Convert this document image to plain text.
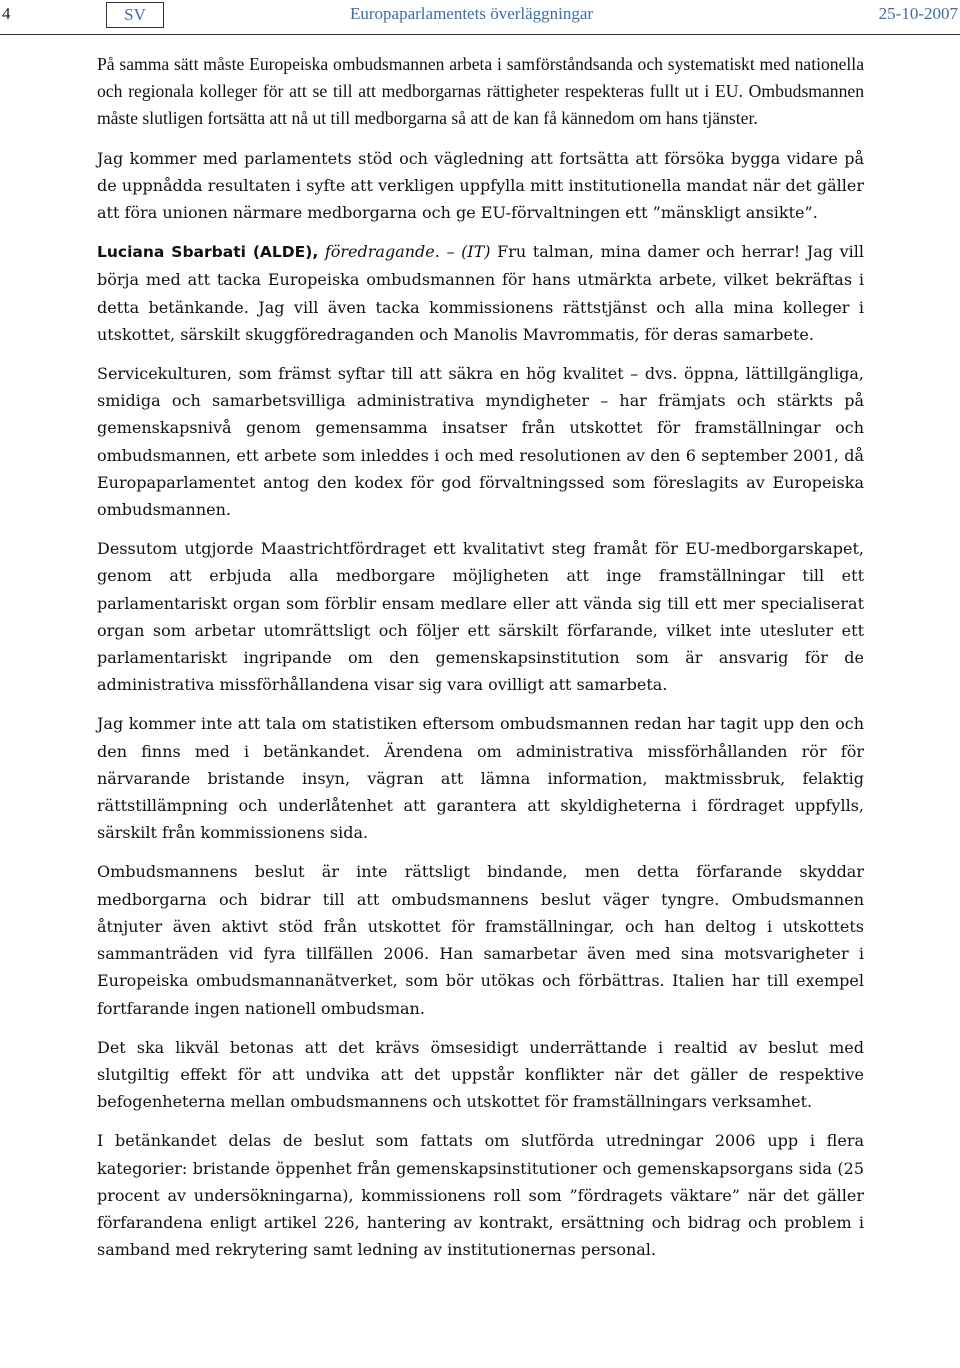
4	SV	Europaparlamentets överläggningar	25-10-2007

På samma sätt måste Europeiska ombudsmannen arbeta i samförståndsanda och systematiskt med nationella och regionala kolleger för att se till att medborgarnas rättigheter respekteras fullt ut i EU. Ombudsmannen måste slutligen fortsätta att nå ut till medborgarna så att de kan få kännedom om hans tjänster.

Jag kommer med parlamentets stöd och vägledning att fortsätta att försöka bygga vidare på de uppnådda resultaten i syfte att verkligen uppfylla mitt institutionella mandat när det gäller att föra unionen närmare medborgarna och ge EU-förvaltningen ett ”mänskligt ansikte”.

Luciana Sbarbati (ALDE), föredragande. – (IT) Fru talman, mina damer och herrar! Jag vill börja med att tacka Europeiska ombudsmannen för hans utmärkta arbete, vilket bekräftas i detta betänkande. Jag vill även tacka kommissionens rättstjänst och alla mina kolleger i utskottet, särskilt skuggföredraganden och Manolis Mavrommatis, för deras samarbete.

Servicekulturen, som främst syftar till att säkra en hög kvalitet – dvs. öppna, lättillgängliga, smidiga och samarbetsvilliga administrativa myndigheter – har främjats och stärkts på gemenskapsnivå genom gemensamma insatser från utskottet för framställningar och ombudsmannen, ett arbete som inleddes i och med resolutionen av den 6 september 2001, då Europaparlamentet antog den kodex för god förvaltningssed som föreslagits av Europeiska ombudsmannen.

Dessutom utgjorde Maastrichtfördraget ett kvalitativt steg framåt för EU-medborgarskapet, genom att erbjuda alla medborgare möjligheten att inge framställningar till ett parlamentariskt organ som förblir ensam medlare eller att vända sig till ett mer specialiserat organ som arbetar utomrättsligt och följer ett särskilt förfarande, vilket inte utesluter ett parlamentariskt ingripande om den gemenskapsinstitution som är ansvarig för de administrativa missförhållandena visar sig vara ovilligt att samarbeta.

Jag kommer inte att tala om statistiken eftersom ombudsmannen redan har tagit upp den och den finns med i betänkandet. Ärendena om administrativa missförhållanden rör för närvarande bristande insyn, vägran att lämna information, maktmissbruk, felaktig rättstillämpning och underlåtenhet att garantera att skyldigheterna i fördraget uppfylls, särskilt från kommissionens sida.

Ombudsmannens beslut är inte rättsligt bindande, men detta förfarande skyddar medborgarna och bidrar till att ombudsmannens beslut väger tyngre. Ombudsmannen åtnjuter även aktivt stöd från utskottet för framställningar, och han deltog i utskottets sammanträden vid fyra tillfällen 2006. Han samarbetar även med sina motsvarigheter i Europeiska ombudsmannanätverket, som bör utökas och förbättras. Italien har till exempel fortfarande ingen nationell ombudsman.

Det ska likväl betonas att det krävs ömsesidigt underrättande i realtid av beslut med slutgiltig effekt för att undvika att det uppstår konflikter när det gäller de respektive befogenheterna mellan ombudsmannens och utskottet för framställningars verksamhet.

I betänkandet delas de beslut som fattats om slutförda utredningar 2006 upp i flera kategorier: bristande öppenhet från gemenskapsinstitutioner och gemenskapsorgans sida (25 procent av undersökningarna), kommissionens roll som ”fördragets väktare” när det gäller förfarandena enligt artikel 226, hantering av kontrakt, ersättning och bidrag och problem i samband med rekrytering samt ledning av institutionernas personal.
